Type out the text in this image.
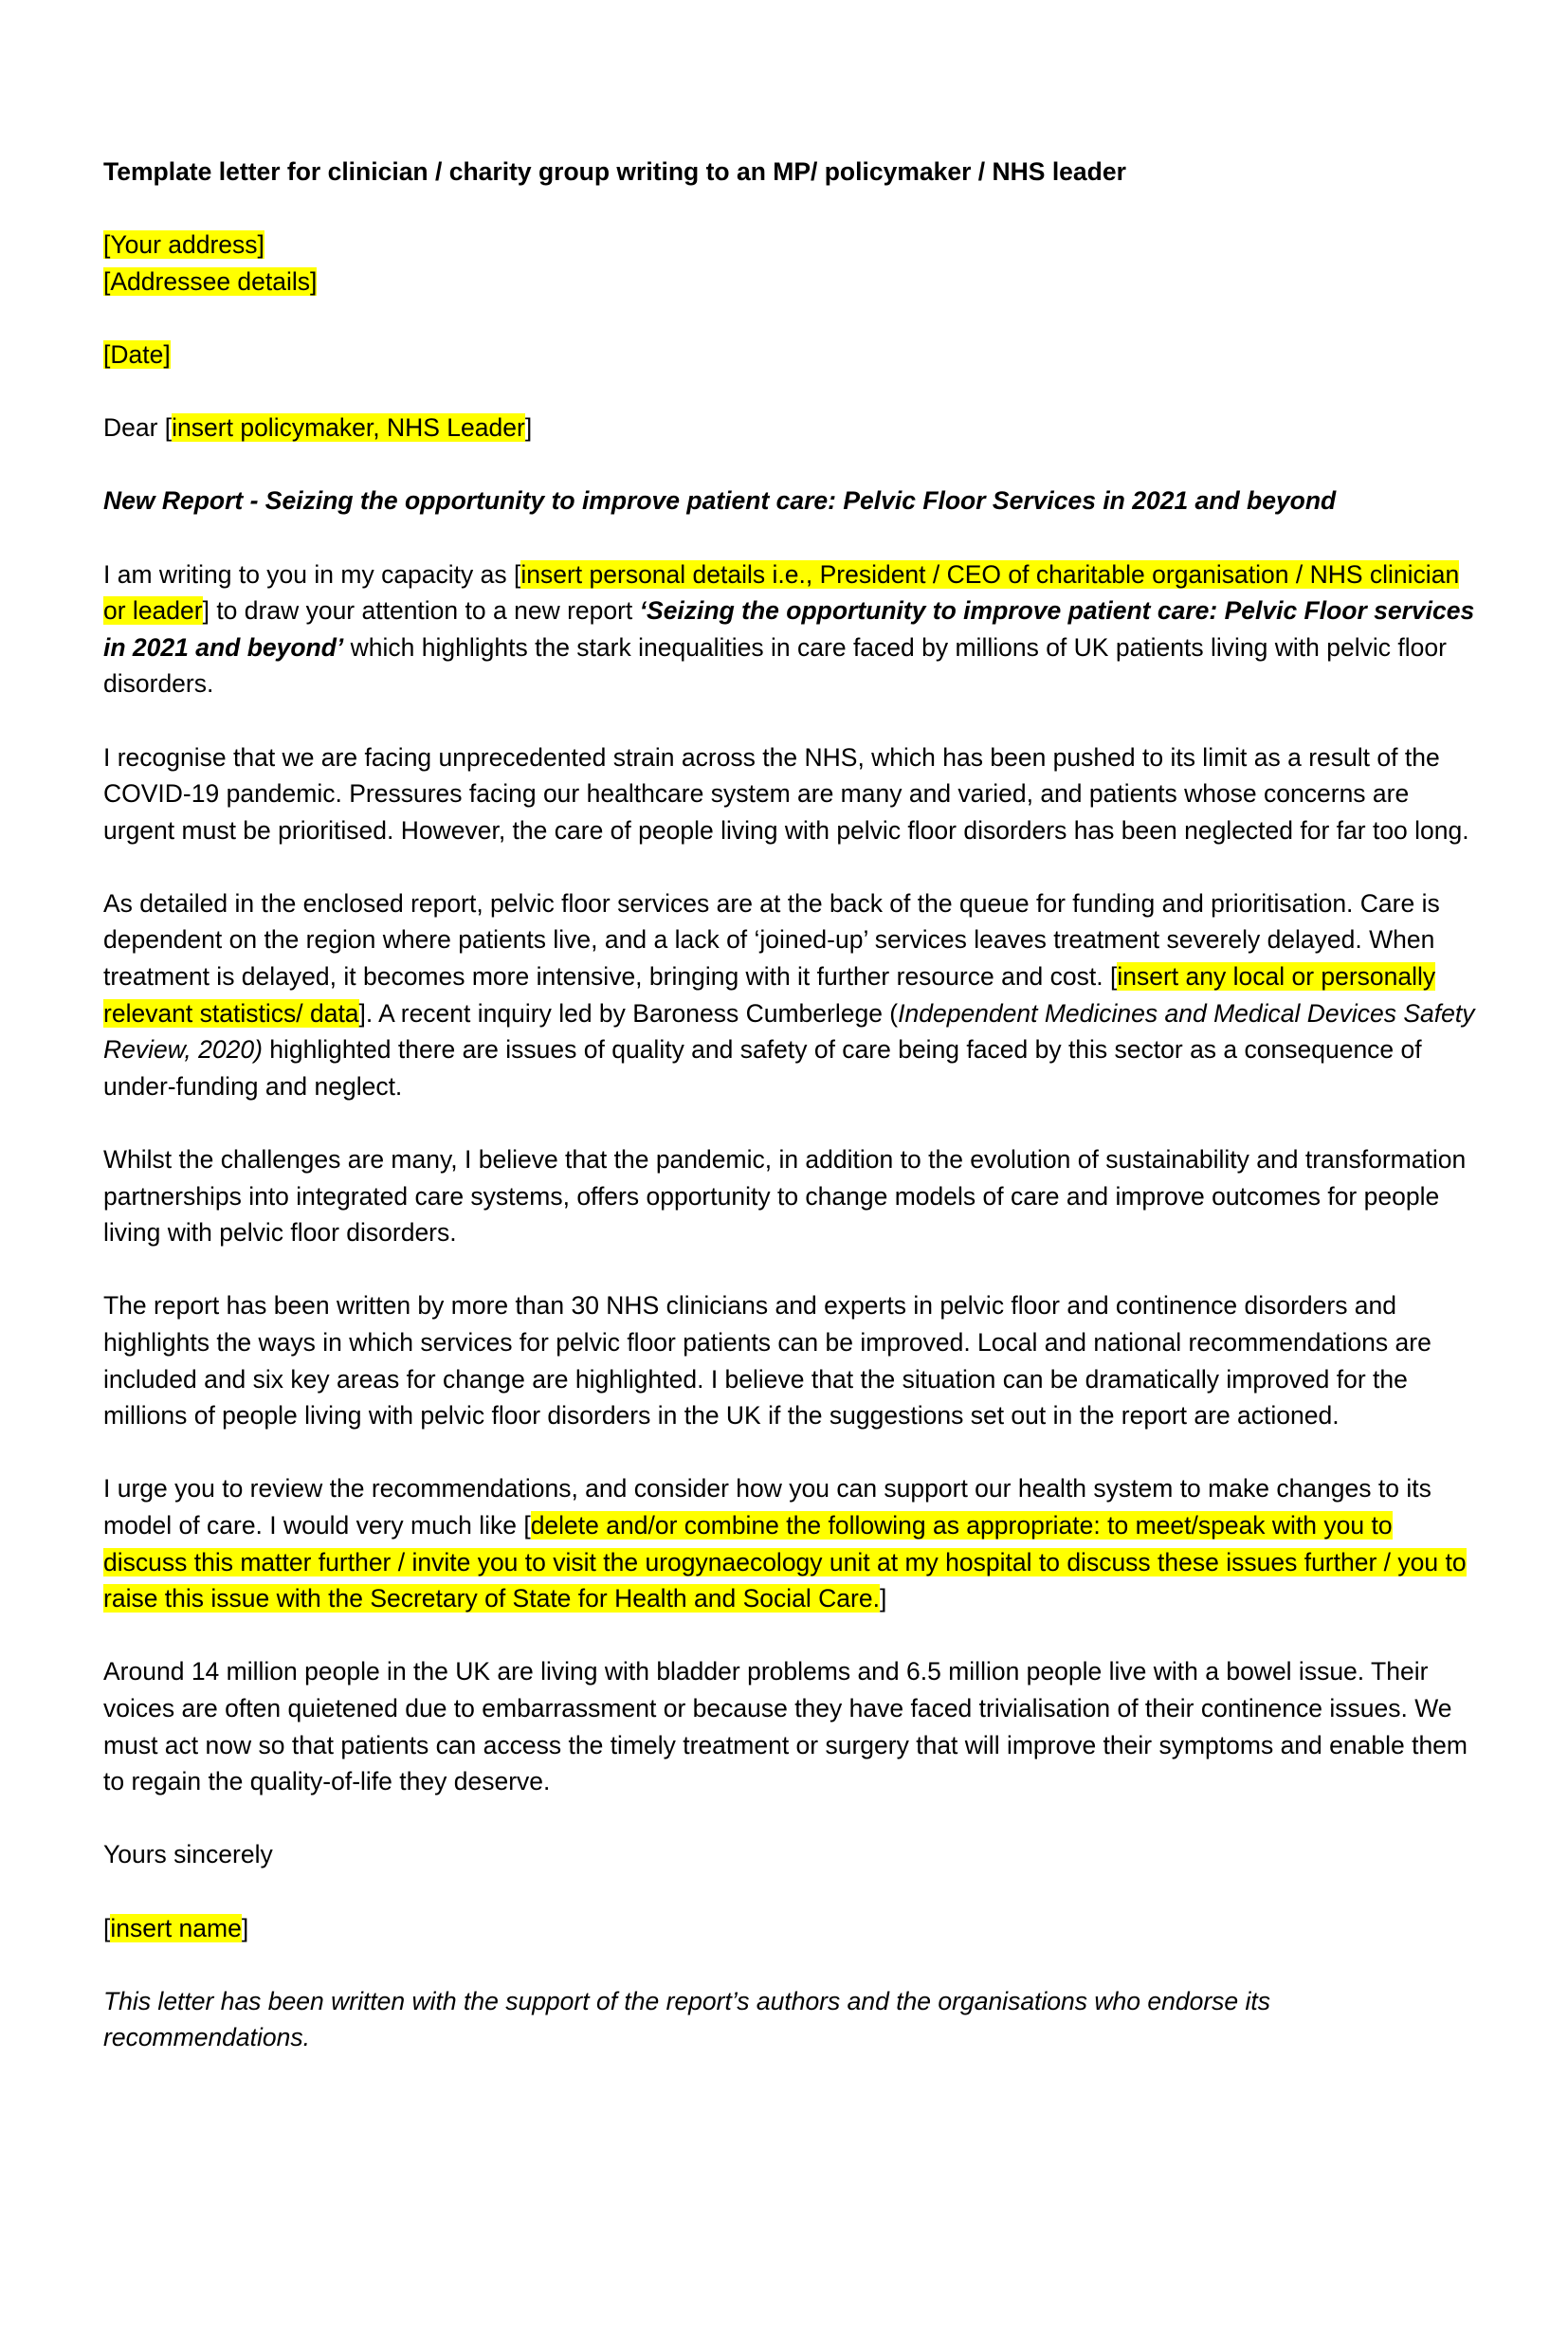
Template letter for clinician / charity group writing to an MP/ policymaker / NHS leader
[Your address]
[Addressee details]
[Date]
Dear [insert policymaker, NHS Leader]
New Report - Seizing the opportunity to improve patient care: Pelvic Floor Services in 2021 and beyond
I am writing to you in my capacity as [insert personal details i.e., President / CEO of charitable organisation / NHS clinician or leader] to draw your attention to a new report ‘Seizing the opportunity to improve patient care: Pelvic Floor services in 2021 and beyond’ which highlights the stark inequalities in care faced by millions of UK patients living with pelvic floor disorders.
I recognise that we are facing unprecedented strain across the NHS, which has been pushed to its limit as a result of the COVID-19 pandemic. Pressures facing our healthcare system are many and varied, and patients whose concerns are urgent must be prioritised. However, the care of people living with pelvic floor disorders has been neglected for far too long.
As detailed in the enclosed report, pelvic floor services are at the back of the queue for funding and prioritisation. Care is dependent on the region where patients live, and a lack of ‘joined-up’ services leaves treatment severely delayed. When treatment is delayed, it becomes more intensive, bringing with it further resource and cost. [insert any local or personally relevant statistics/ data]. A recent inquiry led by Baroness Cumberlege (Independent Medicines and Medical Devices Safety Review, 2020) highlighted there are issues of quality and safety of care being faced by this sector as a consequence of under-funding and neglect.
Whilst the challenges are many, I believe that the pandemic, in addition to the evolution of sustainability and transformation partnerships into integrated care systems, offers opportunity to change models of care and improve outcomes for people living with pelvic floor disorders.
The report has been written by more than 30 NHS clinicians and experts in pelvic floor and continence disorders and highlights the ways in which services for pelvic floor patients can be improved. Local and national recommendations are included and six key areas for change are highlighted. I believe that the situation can be dramatically improved for the millions of people living with pelvic floor disorders in the UK if the suggestions set out in the report are actioned.
I urge you to review the recommendations, and consider how you can support our health system to make changes to its model of care. I would very much like [delete and/or combine the following as appropriate: to meet/speak with you to discuss this matter further / invite you to visit the urogynaecology unit at my hospital to discuss these issues further / you to raise this issue with the Secretary of State for Health and Social Care.]
Around 14 million people in the UK are living with bladder problems and 6.5 million people live with a bowel issue. Their voices are often quietened due to embarrassment or because they have faced trivialisation of their continence issues. We must act now so that patients can access the timely treatment or surgery that will improve their symptoms and enable them to regain the quality-of-life they deserve.
Yours sincerely
[insert name]
This letter has been written with the support of the report’s authors and the organisations who endorse its recommendations.
